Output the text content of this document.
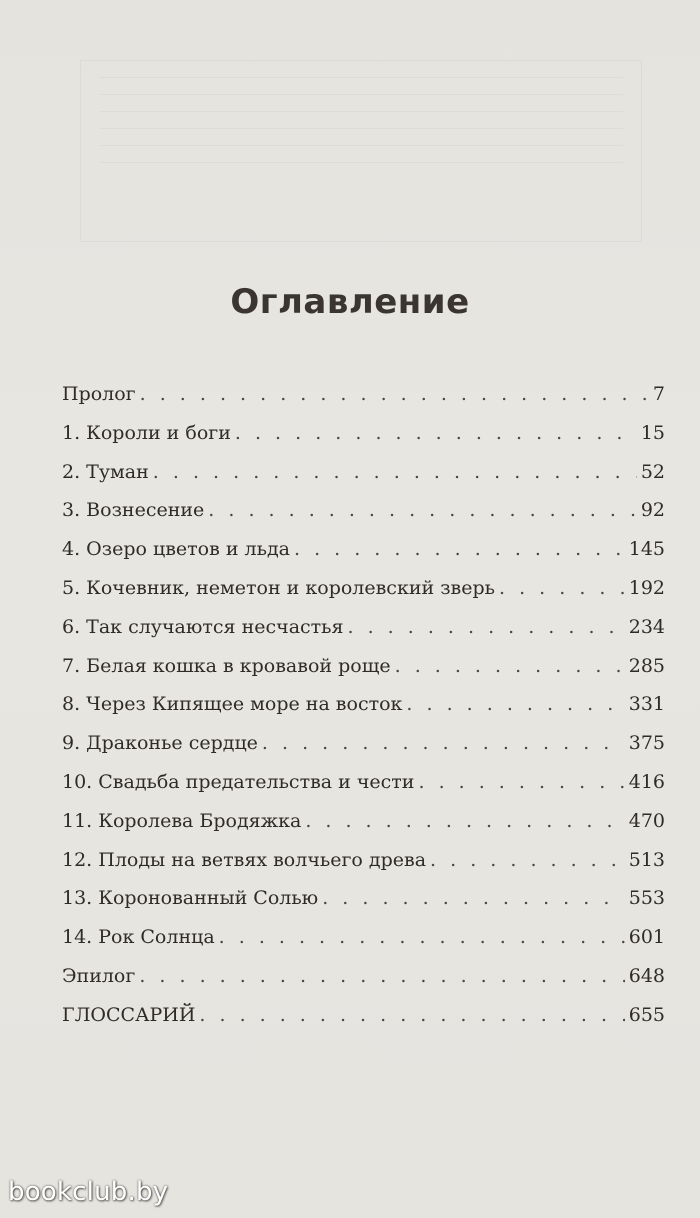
Оглавление
Пролог . . .	7
1. Короли и боги . . .	15
2. Туман . . .	52
3. Вознесение . . .	92
4. Озеро цветов и льда . . .	145
5. Кочевник, неметон и королевский зверь . . .	192
6. Так случаются несчастья . . .	234
7. Белая кошка в кровавой роще . . .	285
8. Через Кипящее море на восток . . .	331
9. Драконье сердце . . .	375
10. Свадьба предательства и чести . . .	416
11. Королева Бродяжка . . .	470
12. Плоды на ветвях волчьего древа . . .	513
13. Коронованный Солью . . .	553
14. Рок Солнца . . .	601
Эпилог . . .	648
ГЛОССАРИЙ . . .	655
bookclub.by
